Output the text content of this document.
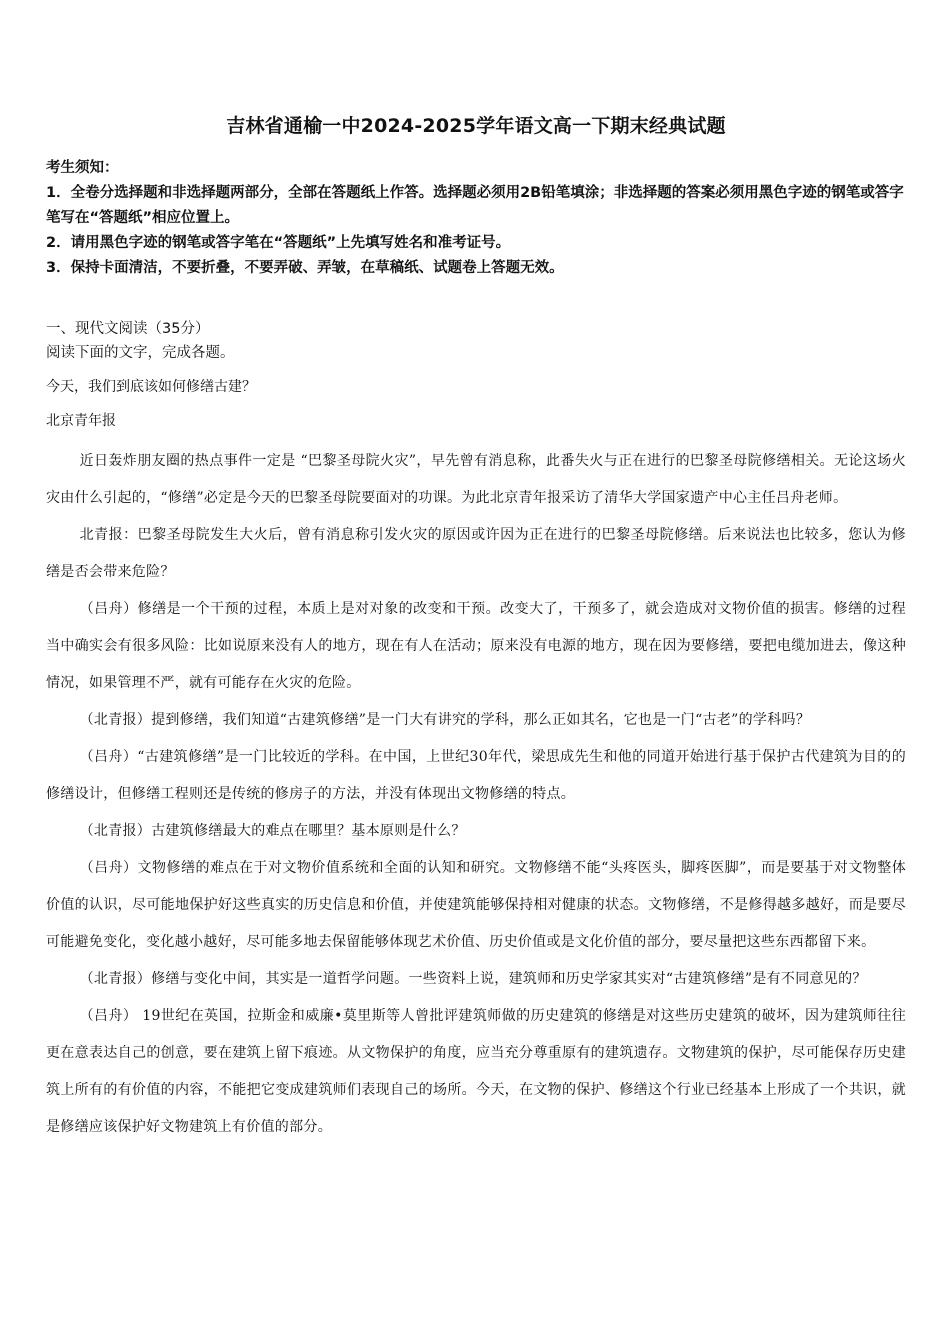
吉林省通榆一中2024-2025学年语文高一下期末经典试题

考生须知：

1．全卷分选择题和非选择题两部分，全部在答题纸上作答。选择题必须用2B铅笔填涂；非选择题的答案必须用黑色字迹的钢笔或答字笔写在“答题纸”相应位置上。

2．请用黑色字迹的钢笔或答字笔在“答题纸”上先填写姓名和准考证号。

3．保持卡面清洁，不要折叠，不要弄破、弄皱，在草稿纸、试题卷上答题无效。

一、现代文阅读（35分）
阅读下面的文字，完成各题。
今天，我们到底该如何修缮古建？
北京青年报

近日轰炸朋友圈的热点事件一定是 “巴黎圣母院火灾”，早先曾有消息称，此番失火与正在进行的巴黎圣母院修缮相关。无论这场火灾由什么引起的，“修缮”必定是今天的巴黎圣母院要面对的功课。为此北京青年报采访了清华大学国家遗产中心主任吕舟老师。

北青报：巴黎圣母院发生大火后，曾有消息称引发火灾的原因或许因为正在进行的巴黎圣母院修缮。后来说法也比较多，您认为修缮是否会带来危险？

（吕舟）修缮是一个干预的过程，本质上是对对象的改变和干预。改变大了，干预多了，就会造成对文物价值的损害。修缮的过程当中确实会有很多风险：比如说原来没有人的地方，现在有人在活动；原来没有电源的地方，现在因为要修缮，要把电缆加进去，像这种情况，如果管理不严，就有可能存在火灾的危险。

（北青报）提到修缮，我们知道“古建筑修缮”是一门大有讲究的学科，那么正如其名，它也是一门“古老”的学科吗？

（吕舟）“古建筑修缮”是一门比较近的学科。在中国，上世纪30年代，梁思成先生和他的同道开始进行基于保护古代建筑为目的的修缮设计，但修缮工程则还是传统的修房子的方法，并没有体现出文物修缮的特点。

（北青报）古建筑修缮最大的难点在哪里？基本原则是什么？

（吕舟）文物修缮的难点在于对文物价值系统和全面的认知和研究。文物修缮不能“头疼医头，脚疼医脚”，而是要基于对文物整体价值的认识，尽可能地保护好这些真实的历史信息和价值，并使建筑能够保持相对健康的状态。文物修缮，不是修得越多越好，而是要尽可能避免变化，变化越小越好，尽可能多地去保留能够体现艺术价值、历史价值或是文化价值的部分，要尽量把这些东西都留下来。

（北青报）修缮与变化中间，其实是一道哲学问题。一些资料上说，建筑师和历史学家其实对“古建筑修缮”是有不同意见的？

（吕舟） 19世纪在英国，拉斯金和威廉•莫里斯等人曾批评建筑师做的历史建筑的修缮是对这些历史建筑的破坏，因为建筑师往往更在意表达自己的创意，要在建筑上留下痕迹。从文物保护的角度，应当充分尊重原有的建筑遗存。文物建筑的保护，尽可能保存历史建筑上所有的有价值的内容，不能把它变成建筑师们表现自己的场所。今天，在文物的保护、修缮这个行业已经基本上形成了一个共识，就是修缮应该保护好文物建筑上有价值的部分。
